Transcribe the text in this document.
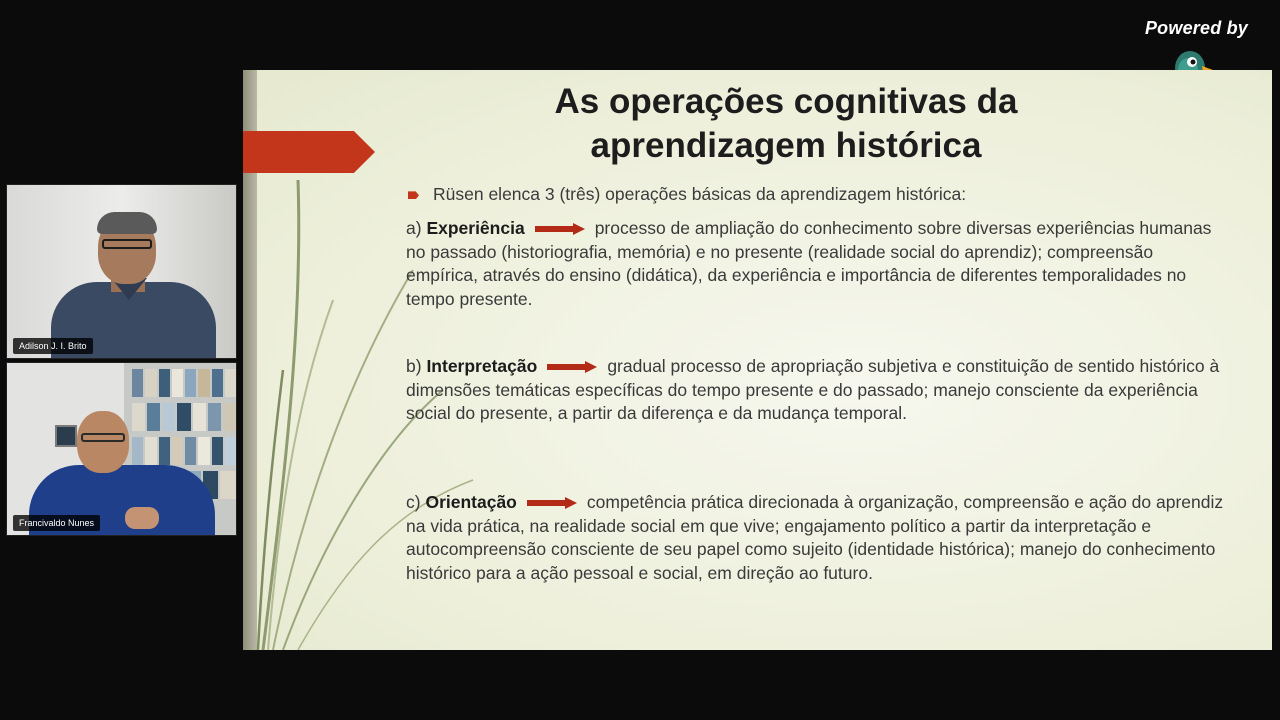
Powered by
Adilson J. I. Brito
Francivaldo Nunes
As operações cognitivas da
aprendizagem histórica
Rüsen elenca 3 (três) operações básicas da aprendizagem histórica:
a) Experiência	processo de ampliação do conhecimento sobre diversas experiências humanas no passado (historiografia, memória) e no presente (realidade social do aprendiz); compreensão empírica, através do ensino (didática), da experiência e importância de diferentes temporalidades no tempo presente.
b) Interpretação	gradual processo de apropriação subjetiva e constituição de sentido histórico à dimensões temáticas específicas do tempo presente e do passado; manejo consciente da experiência social do presente, a partir da diferença e da mudança temporal.
c) Orientação	competência prática direcionada à organização, compreensão e ação do aprendiz na vida prática, na realidade social em que vive; engajamento político a partir da interpretação e autocompreensão consciente de seu papel como sujeito (identidade histórica); manejo do conhecimento histórico para a ação pessoal e social, em direção ao futuro.
